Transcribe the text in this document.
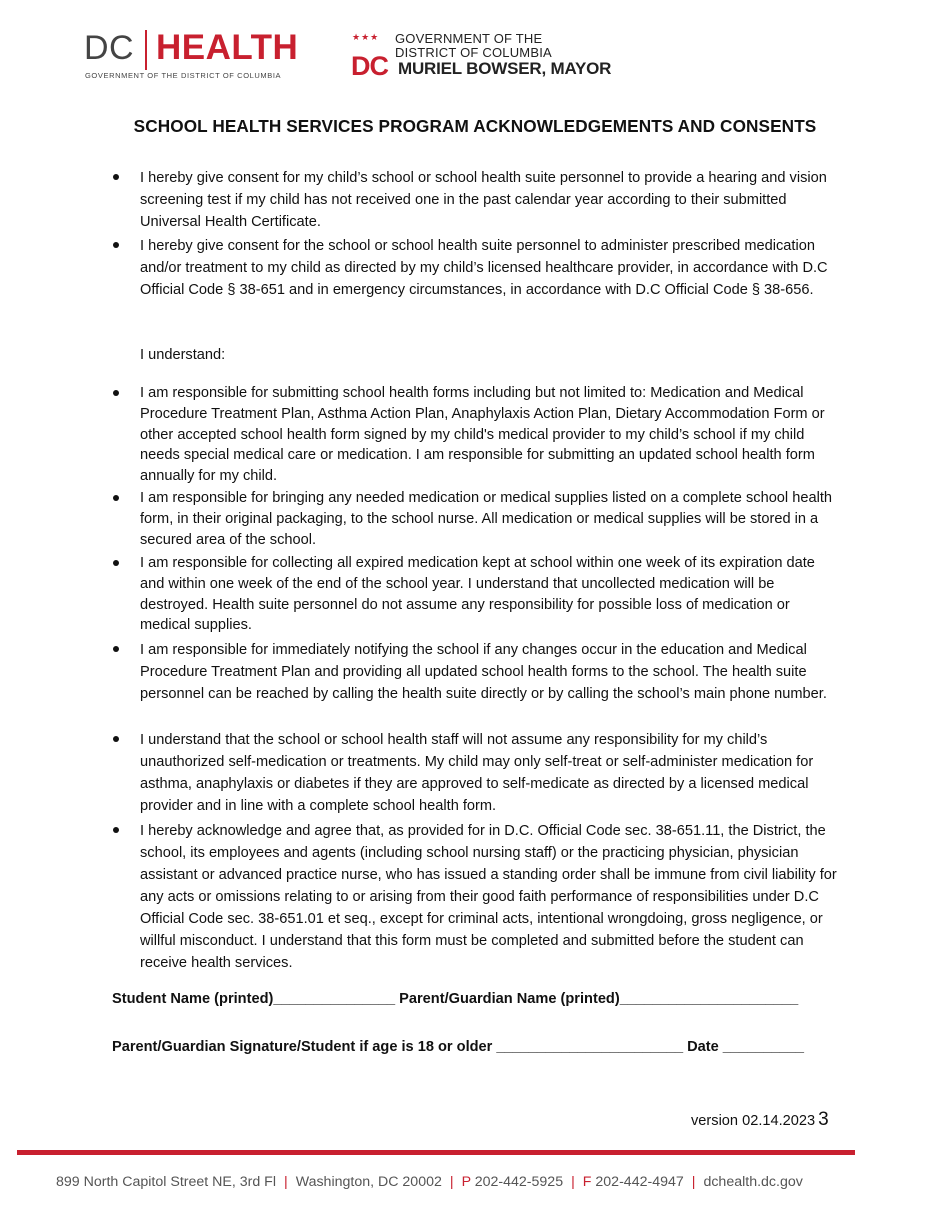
DC HEALTH
GOVERNMENT OF THE DISTRICT OF COLUMBIA
★★★
DC
GOVERNMENT OF THE
DISTRICT OF COLUMBIA
MURIEL BOWSER, MAYOR
SCHOOL HEALTH SERVICES PROGRAM ACKNOWLEDGEMENTS AND CONSENTS
I hereby give consent for my child’s school or school health suite personnel to provide a hearing and vision screening test if my child has not received one in the past calendar year according to their submitted Universal Health Certificate.
I hereby give consent for the school or school health suite personnel to administer prescribed medication and/or treatment to my child as directed by my child’s licensed healthcare provider, in accordance with D.C Official Code § 38-651 and in emergency circumstances, in accordance with D.C Official Code § 38-656.
I understand:
I am responsible for submitting school health forms including but not limited to: Medication and Medical Procedure Treatment Plan, Asthma Action Plan, Anaphylaxis Action Plan, Dietary Accommodation Form or other accepted school health form signed by my child's medical provider to my child’s school if my child needs special medical care or medication. I am responsible for submitting an updated school health form annually for my child.
I am responsible for bringing any needed medication or medical supplies listed on a complete school health form, in their original packaging, to the school nurse. All medication or medical supplies will be stored in a secured area of the school.
I am responsible for collecting all expired medication kept at school within one week of its expiration date and within one week of the end of the school year. I understand that uncollected medication will be destroyed. Health suite personnel do not assume any responsibility for possible loss of medication or medical supplies.
I am responsible for immediately notifying the school if any changes occur in the education and Medical Procedure Treatment Plan and providing all updated school health forms to the school. The health suite personnel can be reached by calling the health suite directly or by calling the school’s main phone number.
I understand that the school or school health staff will not assume any responsibility for my child’s unauthorized self-medication or treatments. My child may only self-treat or self-administer medication for asthma, anaphylaxis or diabetes if they are approved to self-medicate as directed by a licensed medical provider and in line with a complete school health form.
I hereby acknowledge and agree that, as provided for in D.C. Official Code sec. 38-651.11, the District, the school, its employees and agents (including school nursing staff) or the practicing physician, physician assistant or advanced practice nurse, who has issued a standing order shall be immune from civil liability for any acts or omissions relating to or arising from their good faith performance of responsibilities under D.C Official Code sec. 38-651.01 et seq., except for criminal acts, intentional wrongdoing, gross negligence, or willful misconduct. I understand that this form must be completed and submitted before the student can receive health services.
Student Name (printed)_______________ Parent/Guardian Name (printed)______________________
Parent/Guardian Signature/Student if age is 18 or older _______________________ Date __________
version 02.14.2023 3
899 North Capitol Street NE, 3rd Fl | Washington, DC 20002 | P 202-442-5925 | F 202-442-4947 | dchealth.dc.gov
